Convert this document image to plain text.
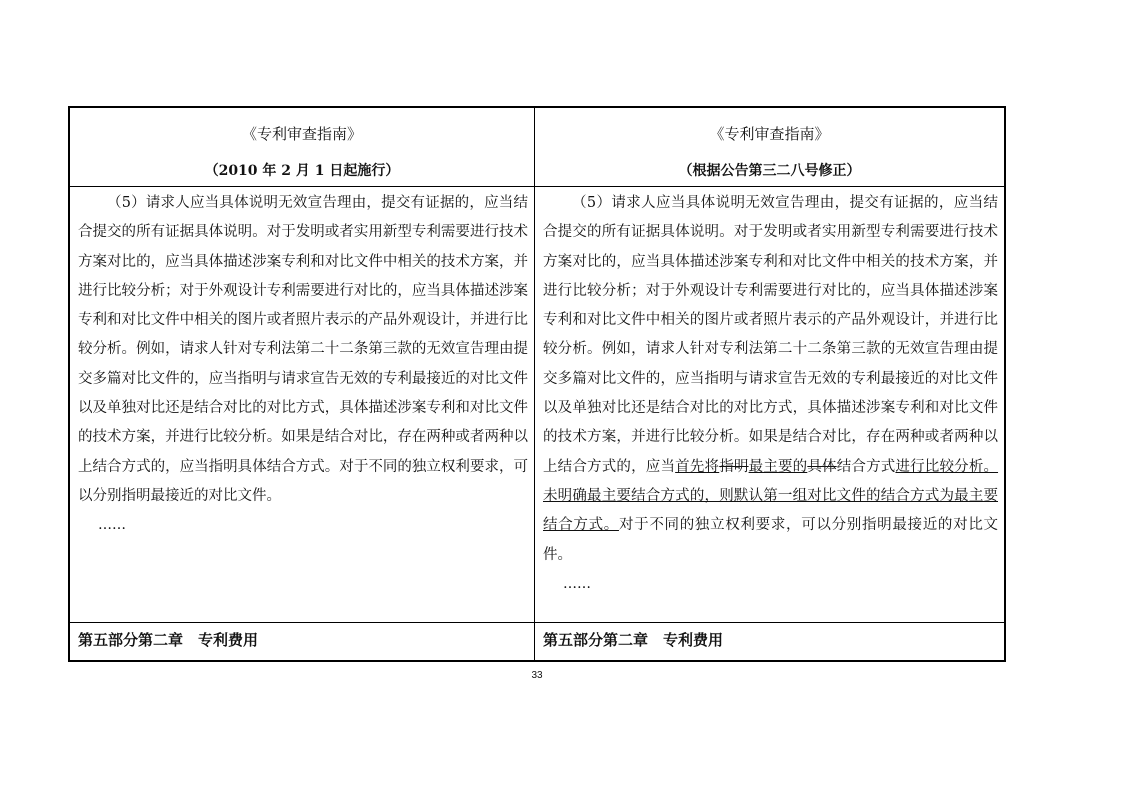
《专利审查指南》
（2010 年 2 月 1 日起施行）
《专利审查指南》
（根据公告第三二八号修正）

（5）请求人应当具体说明无效宣告理由，提交有证据的，应当结合提交的所有证据具体说明。对于发明或者实用新型专利需要进行技术方案对比的，应当具体描述涉案专利和对比文件中相关的技术方案，并进行比较分析；对于外观设计专利需要进行对比的，应当具体描述涉案专利和对比文件中相关的图片或者照片表示的产品外观设计，并进行比较分析。例如，请求人针对专利法第二十二条第三款的无效宣告理由提交多篇对比文件的，应当指明与请求宣告无效的专利最接近的对比文件以及单独对比还是结合对比的对比方式，具体描述涉案专利和对比文件的技术方案，并进行比较分析。如果是结合对比，存在两种或者两种以上结合方式的，应当指明具体结合方式。对于不同的独立权利要求，可以分别指明最接近的对比文件。

……

（5）请求人应当具体说明无效宣告理由，提交有证据的，应当结合提交的所有证据具体说明。对于发明或者实用新型专利需要进行技术方案对比的，应当具体描述涉案专利和对比文件中相关的技术方案，并进行比较分析；对于外观设计专利需要进行对比的，应当具体描述涉案专利和对比文件中相关的图片或者照片表示的产品外观设计，并进行比较分析。例如，请求人针对专利法第二十二条第三款的无效宣告理由提交多篇对比文件的，应当指明与请求宣告无效的专利最接近的对比文件以及单独对比还是结合对比的对比方式，具体描述涉案专利和对比文件的技术方案，并进行比较分析。如果是结合对比，存在两种或者两种以上结合方式的，应当首先将指明最主要的具体结合方式进行比较分析。未明确最主要结合方式的，则默认第一组对比文件的结合方式为最主要结合方式。对于不同的独立权利要求，可以分别指明最接近的对比文件。

……
第五部分第二章　专利费用	第五部分第二章　专利费用
33
